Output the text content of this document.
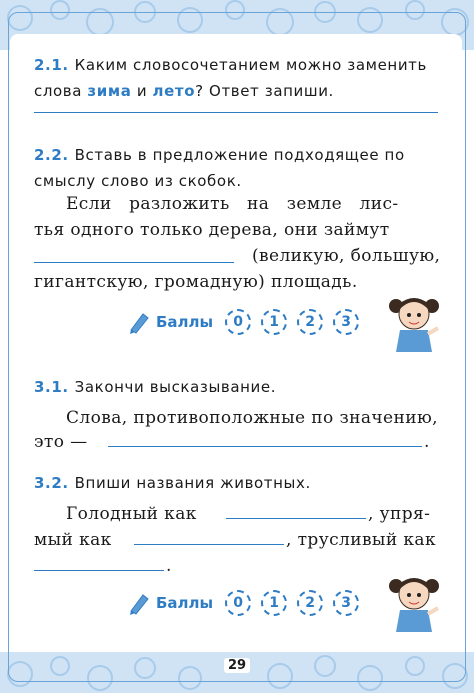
2.1. Каким словосочетанием можно заменить
слова зима и лето? Ответ запиши.
2.2. Вставь в предложение подходящее по
смыслу слово из скобок.
Если   разложить   на   земле   лис-
тья одного только дерева, они займут
(великую, большую,
гигантскую, громадную) площадь.
Баллы	0	1	2	3
3.1. Закончи высказывание.
Слова, противоположные по значению,
это —	.
3.2. Впиши названия животных.
Голодный как	, упря-
мый как	, трусливый как
.
Баллы	0	1	2	3
29
